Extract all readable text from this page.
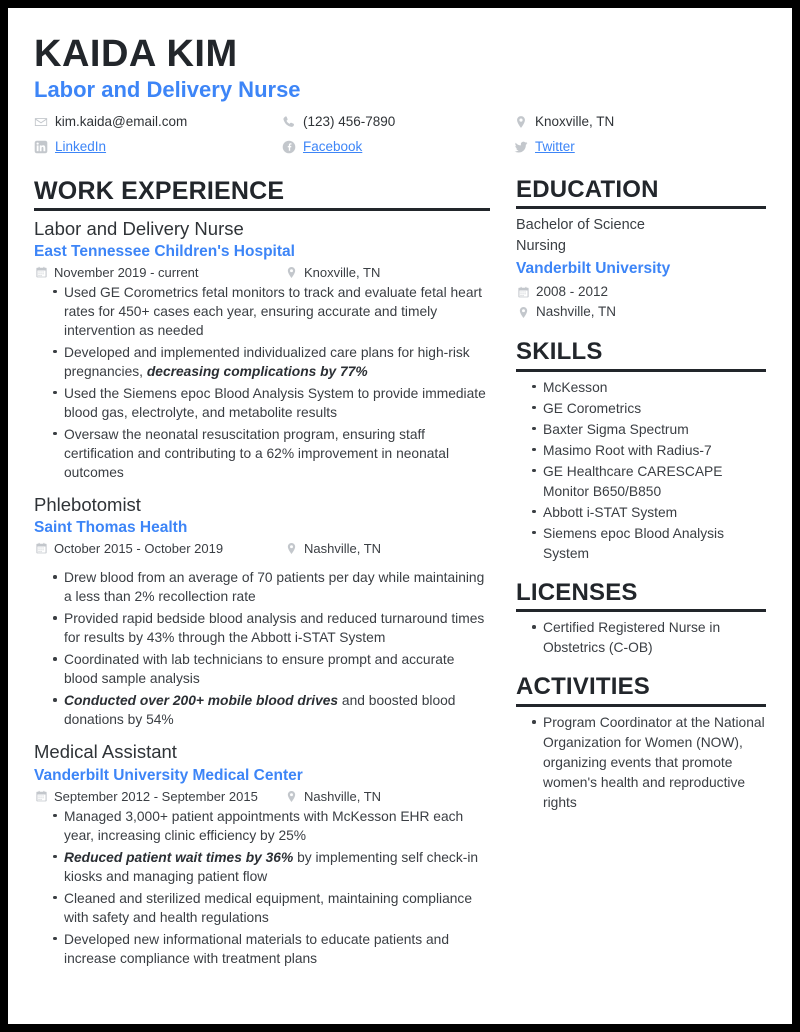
KAIDA KIM
Labor and Delivery Nurse
kim.kaida@email.com	(123) 456-7890	Knoxville, TN
LinkedIn	Facebook	Twitter
WORK EXPERIENCE
Labor and Delivery Nurse
East Tennessee Children's Hospital
November 2019 - current	Knoxville, TN
Used GE Corometrics fetal monitors to track and evaluate fetal heart rates for 450+ cases each year, ensuring accurate and timely intervention as needed
Developed and implemented individualized care plans for high-risk pregnancies, decreasing complications by 77%
Used the Siemens epoc Blood Analysis System to provide immediate blood gas, electrolyte, and metabolite results
Oversaw the neonatal resuscitation program, ensuring staff certification and contributing to a 62% improvement in neonatal outcomes
Phlebotomist
Saint Thomas Health
October 2015 - October 2019	Nashville, TN
Drew blood from an average of 70 patients per day while maintaining a less than 2% recollection rate
Provided rapid bedside blood analysis and reduced turnaround times for results by 43% through the Abbott i-STAT System
Coordinated with lab technicians to ensure prompt and accurate blood sample analysis
Conducted over 200+ mobile blood drives and boosted blood donations by 54%
Medical Assistant
Vanderbilt University Medical Center
September 2012 - September 2015	Nashville, TN
Managed 3,000+ patient appointments with McKesson EHR each year, increasing clinic efficiency by 25%
Reduced patient wait times by 36% by implementing self check-in kiosks and managing patient flow
Cleaned and sterilized medical equipment, maintaining compliance with safety and health regulations
Developed new informational materials to educate patients and increase compliance with treatment plans
EDUCATION
Bachelor of Science
Nursing
Vanderbilt University
2008 - 2012
Nashville, TN
SKILLS
McKesson
GE Corometrics
Baxter Sigma Spectrum
Masimo Root with Radius-7
GE Healthcare CARESCAPE Monitor B650/B850
Abbott i-STAT System
Siemens epoc Blood Analysis System
LICENSES
Certified Registered Nurse in Obstetrics (C-OB)
ACTIVITIES
Program Coordinator at the National Organization for Women (NOW), organizing events that promote women's health and reproductive rights
